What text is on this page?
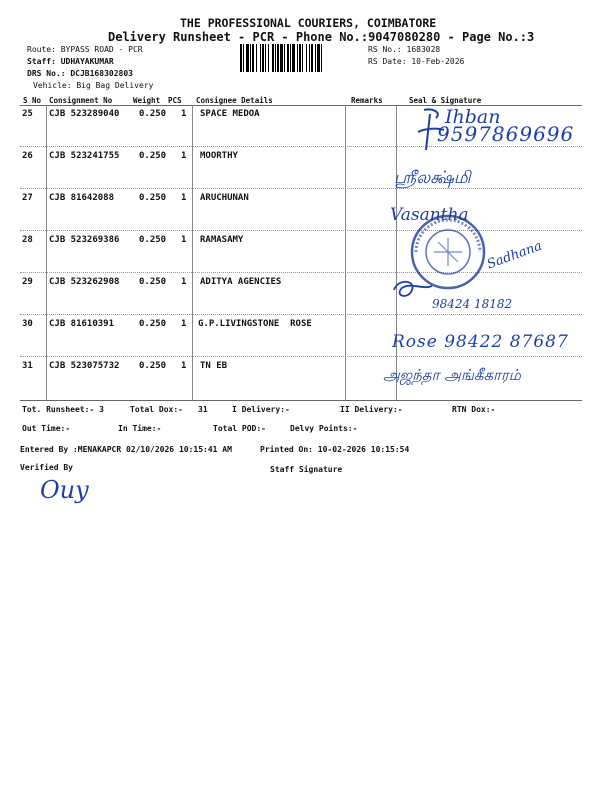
THE PROFESSIONAL COURIERS, COIMBATORE
Delivery Runsheet - PCR - Phone No.:9047080280 - Page No.:3
Route: BYPASS ROAD - PCR
Staff: UDHAYAKUMAR
DRS No.: DCJB168302803
Vehicle: Big Bag Delivery
RS No.: 1683028
RS Date: 10-Feb-2026
S No Consignment No	Weight PCS Consignee Details	Remarks	Seal & Signature
25 CJB 523289040 0.250 1 SPACE MEDOA
26 CJB 523241755 0.250 1 MOORTHY
27 CJB 81642088	0.250 1 ARUCHUNAN
28 CJB 523269386 0.250 1 RAMASAMY
29 CJB 523262908 0.250 1 ADITYA AGENCIES
30 CJB 81610391	0.250 1 G.P.LIVINGSTONE  ROSE
31 CJB 523075732 0.250 1 TN EB
Ihban
9597869696
ஸ்ரீலக்ஷ்மி
Vasantha
Sadhana
98424 18182
Rose 98422 87687
அஜந்தா அங்கீகாரம்
Tot. Runsheet:- 3	Total Dox:- 31	I Delivery:-	II Delivery:-	RTN Dox:-
Out Time:-	In Time:-	Total POD:-	Delvy Points:-
Entered By :MENAKAPCR 02/10/2026 10:15:41 AM	Printed On: 10-02-2026 10:15:54
Verified By	Staff Signature
Ouy
